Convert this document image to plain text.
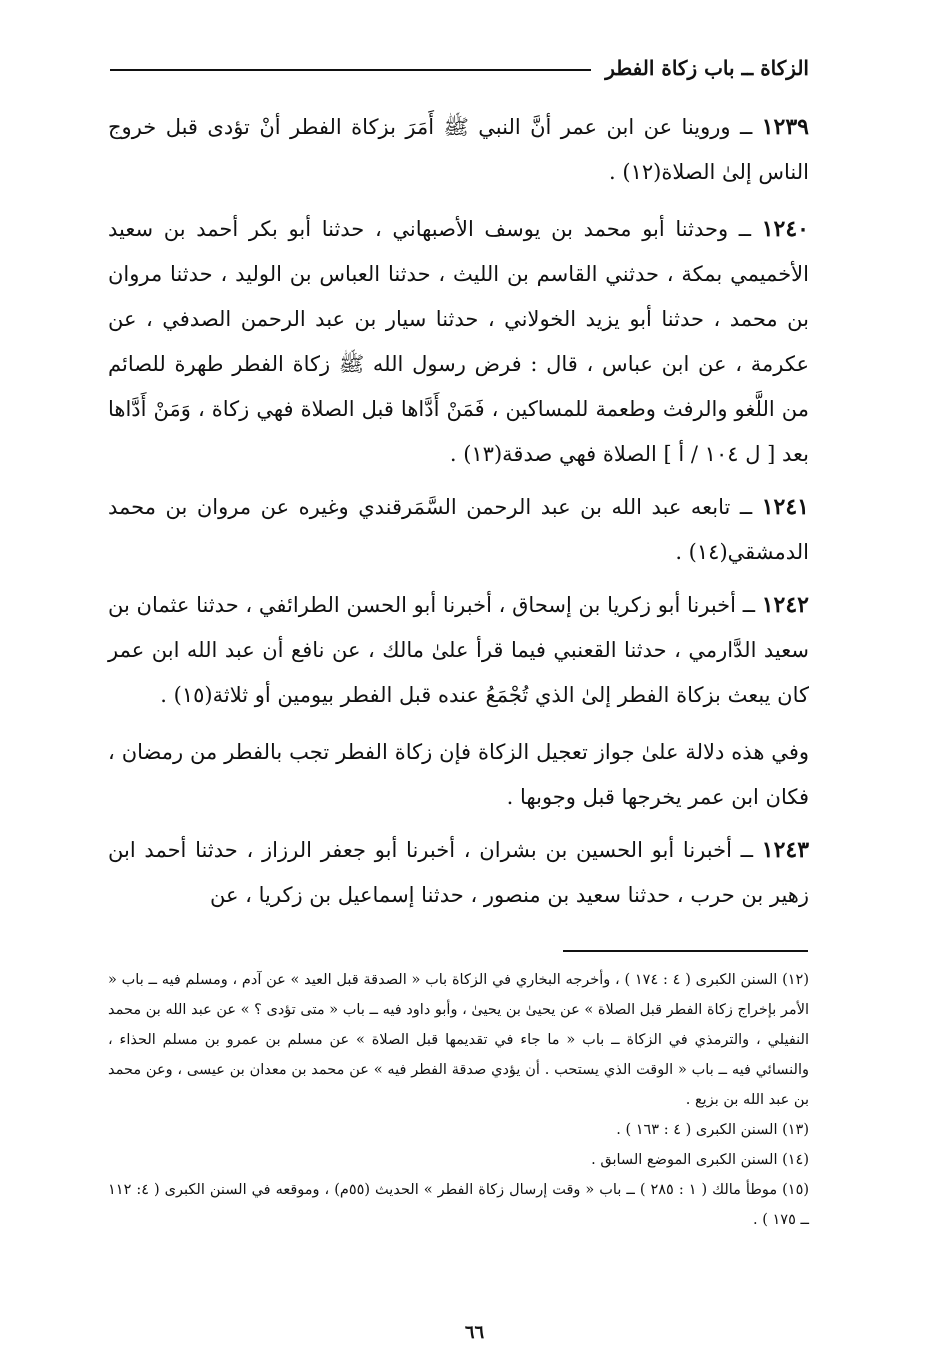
الزكاة ــ باب زكاة الفطر

١٢٣٩ ــ وروينا عن ابن عمر أنَّ النبي ﷺ أَمَرَ بزكاة الفطر أنْ تؤدى قبل خروج الناس إلىٰ الصلاة(١٢) .

١٢٤٠ ــ وحدثنا أبو محمد بن يوسف الأصبهاني ، حدثنا أبو بكر أحمد بن سعيد الأخميمي بمكة ، حدثني القاسم بن الليث ، حدثنا العباس بن الوليد ، حدثنا مروان بن محمد ، حدثنا أبو يزيد الخولاني ، حدثنا سيار بن عبد الرحمن الصدفي ، عن عكرمة ، عن ابن عباس ، قال : فرض رسول الله ﷺ زكاة الفطر طهرة للصائم من اللَّغو والرفث وطعمة للمساكين ، فَمَنْ أَدَّاها قبل الصلاة فهي زكاة ، وَمَنْ أَدَّاها بعد [ ل ١٠٤ / أ ] الصلاة فهي صدقة(١٣) .

١٢٤١ ــ تابعه عبد الله بن عبد الرحمن السَّمَرقندي وغيره عن مروان بن محمد الدمشقي(١٤) .

١٢٤٢ ــ أخبرنا أبو زكريا بن إسحاق ، أخبرنا أبو الحسن الطرائفي ، حدثنا عثمان بن سعيد الدَّارمي ، حدثنا القعنبي فيما قرأ علىٰ مالك ، عن نافع أن عبد الله ابن عمر كان يبعث بزكاة الفطر إلىٰ الذي تُجْمَعُ عنده قبل الفطر بيومين أو ثلاثة(١٥) .

وفي هذه دلالة علىٰ جواز تعجيل الزكاة فإن زكاة الفطر تجب بالفطر من رمضان ، فكان ابن عمر يخرجها قبل وجوبها .

١٢٤٣ ــ أخبرنا أبو الحسين بن بشران ، أخبرنا أبو جعفر الرزاز ، حدثنا أحمد ابن زهير بن حرب ، حدثنا سعيد بن منصور ، حدثنا إسماعيل بن زكريا ، عن

(١٢) السنن الكبرى ( ٤ : ١٧٤ ) ، وأخرجه البخاري في الزكاة باب « الصدقة قبل العيد » عن آدم ، ومسلم فيه ــ باب « الأمر بإخراج زكاة الفطر قبل الصلاة » عن يحيىٰ بن يحيىٰ ، وأبو داود فيه ــ باب « متى تؤدى ؟ » عن عبد الله بن محمد النفيلي ، والترمذي في الزكاة ــ باب « ما جاء في تقديمها قبل الصلاة » عن مسلم بن عمرو بن مسلم الحذاء ، والنسائي فيه ــ باب « الوقت الذي يستحب . أن يؤدي صدقة الفطر فيه » عن محمد بن معدان بن عيسى ، وعن محمد بن عبد الله بن بزيع .

(١٣) السنن الكبرى ( ٤ : ١٦٣ ) .

(١٤) السنن الكبرى الموضع السابق .

(١٥) موطأ مالك ( ١ : ٢٨٥ ) ــ باب « وقت إرسال زكاة الفطر » الحديث (٥٥م) ، وموقعه في السنن الكبرى ( ٤: ١١٢ ــ ١٧٥ ) .

٦٦
